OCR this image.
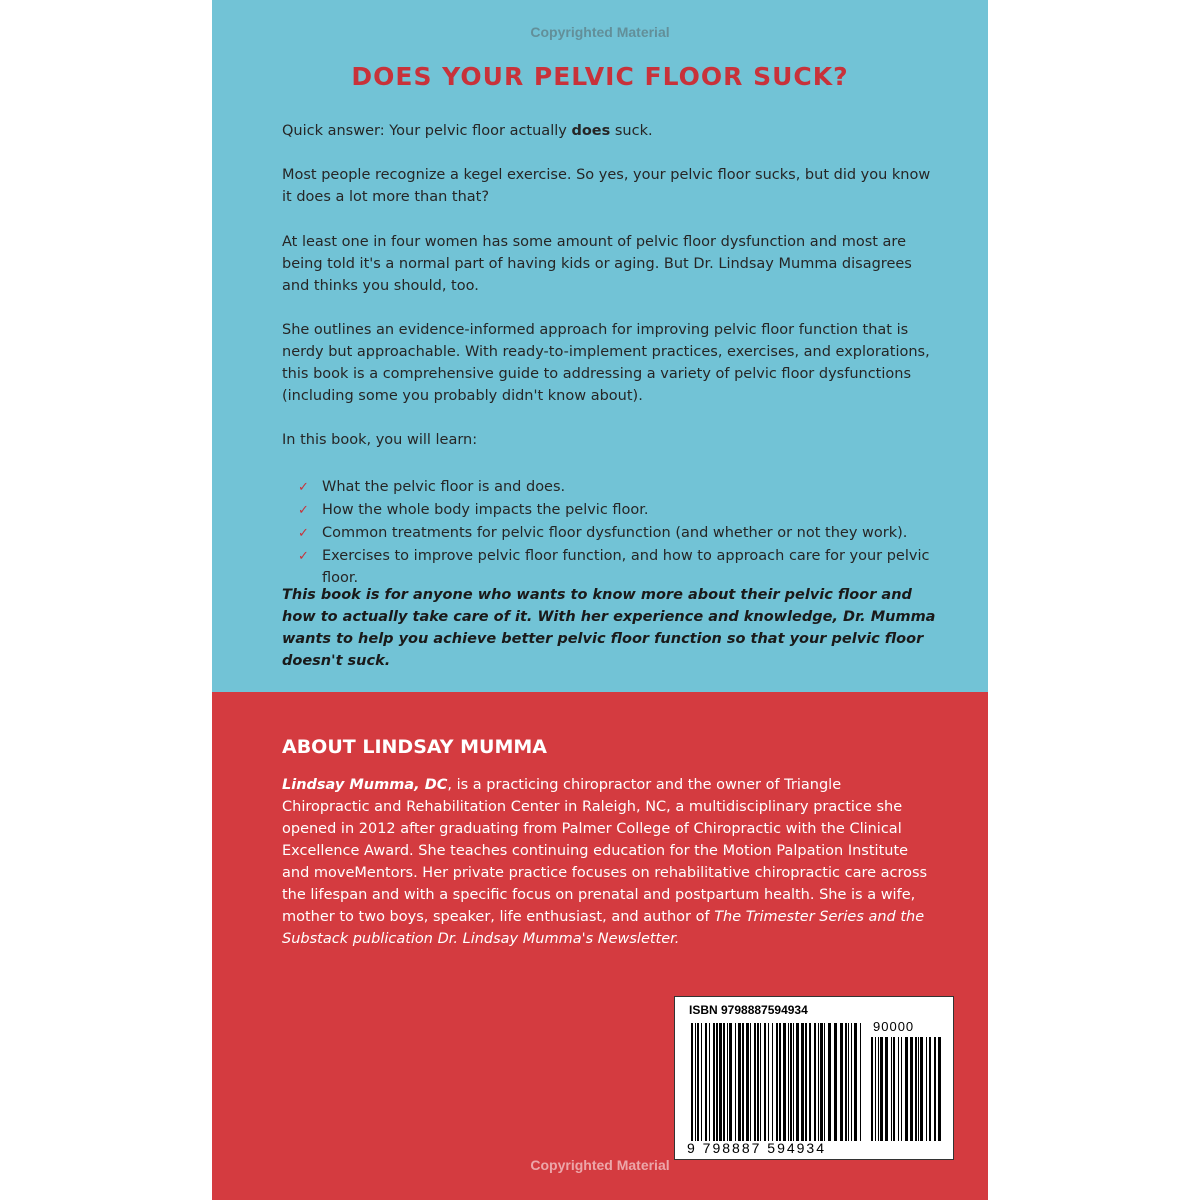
Copyrighted Material
DOES YOUR PELVIC FLOOR SUCK?

Quick answer: Your pelvic floor actually does suck.

Most people recognize a kegel exercise. So yes, your pelvic floor sucks, but did you know it does a lot more than that?

At least one in four women has some amount of pelvic floor dysfunction and most are being told it's a normal part of having kids or aging. But Dr. Lindsay Mumma disagrees and thinks you should, too.

She outlines an evidence-informed approach for improving pelvic floor function that is nerdy but approachable. With ready-to-implement practices, exercises, and explorations, this book is a comprehensive guide to addressing a variety of pelvic floor dysfunctions (including some you probably didn't know about).

In this book, you will learn:

✓ What the pelvic floor is and does.
✓ How the whole body impacts the pelvic floor.
✓ Common treatments for pelvic floor dysfunction (and whether or not they work).
✓ Exercises to improve pelvic floor function, and how to approach care for your pelvic floor.
This book is for anyone who wants to know more about their pelvic floor and how to actually take care of it. With her experience and knowledge, Dr. Mumma wants to help you achieve better pelvic floor function so that your pelvic floor doesn't suck.
ABOUT LINDSAY MUMMA
Lindsay Mumma, DC, is a practicing chiropractor and the owner of Triangle Chiropractic and Rehabilitation Center in Raleigh, NC, a multidisciplinary practice she opened in 2012 after graduating from Palmer College of Chiropractic with the Clinical Excellence Award. She teaches continuing education for the Motion Palpation Institute and moveMentors. Her private practice focuses on rehabilitative chiropractic care across the lifespan and with a specific focus on prenatal and postpartum health. She is a wife, mother to two boys, speaker, life enthusiast, and author of The Trimester Series and the Substack publication Dr. Lindsay Mumma's Newsletter.
ISBN 9798887594934
90000
9 798887 594934
Copyrighted Material
